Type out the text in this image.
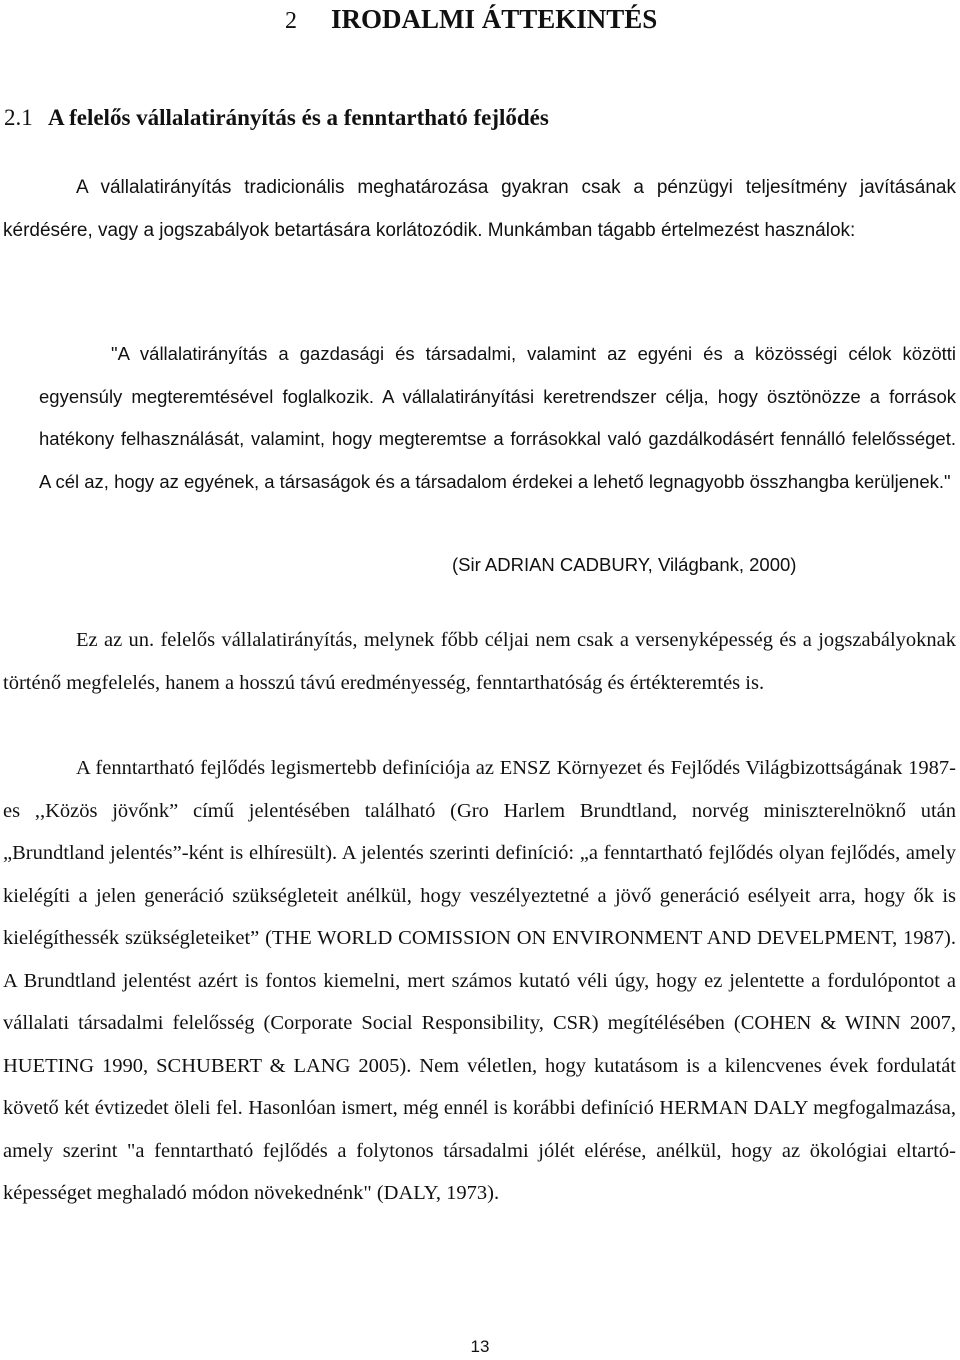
2 IRODALMI ÁTTEKINTÉS
2.1 A felelős vállalatirányítás és a fenntartható fejlődés

A vállalatirányítás tradicionális meghatározása gyakran csak a pénzügyi teljesítmény javításának kérdésére, vagy a jogszabályok betartására korlátozódik. Munkámban tágabb értelmezést használok:

"A vállalatirányítás a gazdasági és társadalmi, valamint az egyéni és a közösségi célok közötti egyensúly megteremtésével foglalkozik. A vállalatirányítási keretrendszer célja, hogy ösztönözze a források hatékony felhasználását, valamint, hogy megteremtse a forrásokkal való gazdálkodásért fennálló felelősséget. A cél az, hogy az egyének, a társaságok és a társadalom érdekei a lehető legnagyobb összhangba kerüljenek."

(Sir ADRIAN CADBURY, Világbank, 2000)

Ez az un. felelős vállalatirányítás, melynek főbb céljai nem csak a versenyképesség és a jogszabályoknak történő megfelelés, hanem a hosszú távú eredményesség, fenntarthatóság és értékteremtés is.

A fenntartható fejlődés legismertebb definíciója az ENSZ Környezet és Fejlődés Világbizottságának 1987-es ,,Közös jövőnk” című jelentésében található (Gro Harlem Brundtland, norvég miniszterelnöknő után „Brundtland jelentés”-ként is elhíresült). A jelentés szerinti definíció: „a fenntartható fejlődés olyan fejlődés, amely kielégíti a jelen generáció szükségleteit anélkül, hogy veszélyeztetné a jövő generáció esélyeit arra, hogy ők is kielégíthessék szükségleteiket” (THE WORLD COMISSION ON ENVIRONMENT AND DEVELPMENT, 1987). A Brundtland jelentést azért is fontos kiemelni, mert számos kutató véli úgy, hogy ez jelentette a fordulópontot a vállalati társadalmi felelősség (Corporate Social Responsibility, CSR) megítélésében (COHEN & WINN 2007, HUETING 1990, SCHUBERT & LANG 2005). Nem véletlen, hogy kutatásom is a kilencvenes évek fordulatát követő két évtizedet öleli fel. Hasonlóan ismert, még ennél is korábbi definíció HERMAN DALY megfogalmazása, amely szerint "a fenntartható fejlődés a folytonos társadalmi jólét elérése, anélkül, hogy az ökológiai eltartó-képességet meghaladó módon növekednénk" (DALY, 1973).

13
